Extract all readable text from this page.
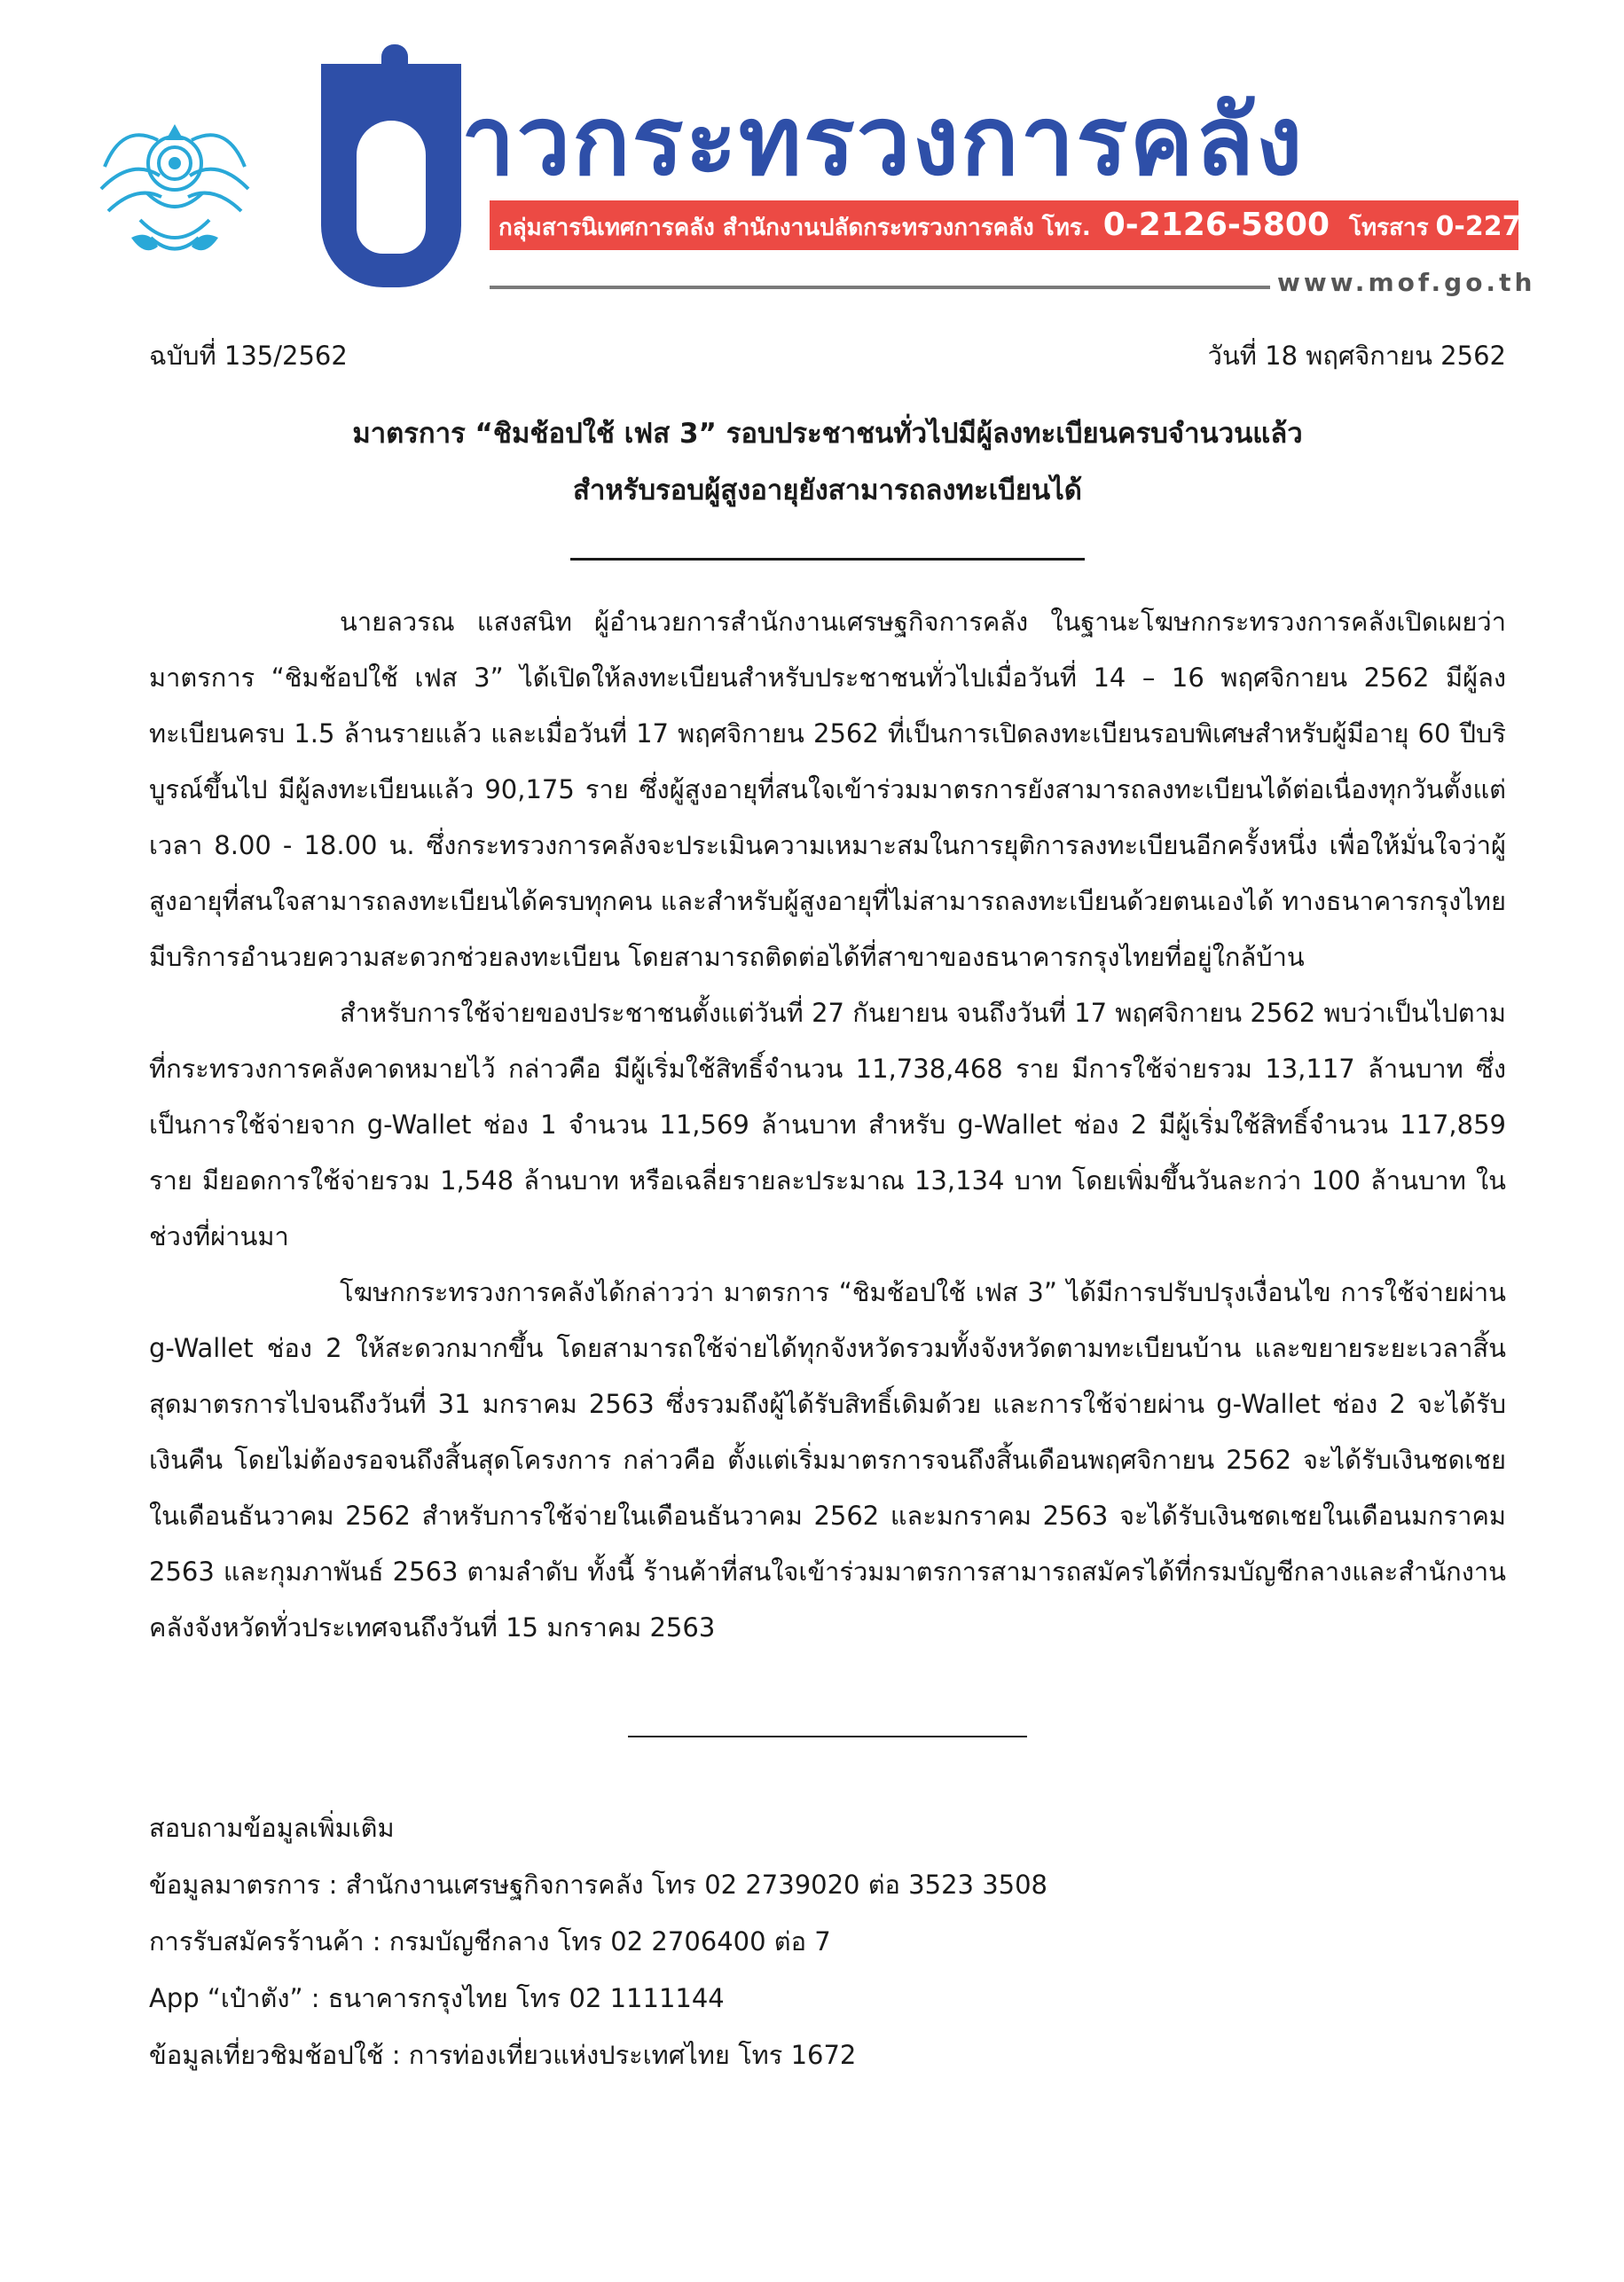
าวกระทรวงการคลัง
กลุ่มสารนิเทศการคลัง สำนักงานปลัดกระทรวงการคลัง โทร. 0-2126-5800 โทรสาร 0-2273-9763
www.mof.go.th
ฉบับที่ 135/2562	วันที่ 18 พฤศจิกายน 2562
มาตรการ “ชิมช้อปใช้ เฟส 3” รอบประชาชนทั่วไปมีผู้ลงทะเบียนครบจำนวนแล้ว
สำหรับรอบผู้สูงอายุยังสามารถลงทะเบียนได้

นายลวรณ แสงสนิท ผู้อำนวยการสำนักงานเศรษฐกิจการคลัง ในฐานะโฆษกกระทรวงการคลังเปิดเผยว่า มาตรการ “ชิมช้อปใช้ เฟส 3” ได้เปิดให้ลงทะเบียนสำหรับประชาชนทั่วไปเมื่อวันที่ 14 – 16 พฤศจิกายน 2562 มีผู้ลงทะเบียนครบ 1.5 ล้านรายแล้ว และเมื่อวันที่ 17 พฤศจิกายน 2562 ที่เป็นการเปิดลงทะเบียนรอบพิเศษสำหรับผู้มีอายุ 60 ปีบริบูรณ์ขึ้นไป มีผู้ลงทะเบียนแล้ว 90,175 ราย ซึ่งผู้สูงอายุที่สนใจเข้าร่วมมาตรการยังสามารถลงทะเบียนได้ต่อเนื่องทุกวันตั้งแต่เวลา 8.00 - 18.00 น. ซึ่งกระทรวงการคลังจะประเมินความเหมาะสมในการยุติการลงทะเบียนอีกครั้งหนึ่ง เพื่อให้มั่นใจว่าผู้สูงอายุที่สนใจสามารถลงทะเบียนได้ครบทุกคน และสำหรับผู้สูงอายุที่ไม่สามารถลงทะเบียนด้วยตนเองได้ ทางธนาคารกรุงไทยมีบริการอำนวยความสะดวกช่วยลงทะเบียน โดยสามารถติดต่อได้ที่สาขาของธนาคารกรุงไทยที่อยู่ใกล้บ้าน

สำหรับการใช้จ่ายของประชาชนตั้งแต่วันที่ 27 กันยายน จนถึงวันที่ 17 พฤศจิกายน 2562 พบว่าเป็นไปตามที่กระทรวงการคลังคาดหมายไว้ กล่าวคือ มีผู้เริ่มใช้สิทธิ์จำนวน 11,738,468 ราย มีการใช้จ่ายรวม 13,117 ล้านบาท ซึ่งเป็นการใช้จ่ายจาก g-Wallet ช่อง 1 จำนวน 11,569 ล้านบาท สำหรับ g-Wallet ช่อง 2 มีผู้เริ่มใช้สิทธิ์จำนวน 117,859 ราย มียอดการใช้จ่ายรวม 1,548 ล้านบาท หรือเฉลี่ยรายละประมาณ 13,134 บาท โดยเพิ่มขึ้นวันละกว่า 100 ล้านบาท ในช่วงที่ผ่านมา

โฆษกกระทรวงการคลังได้กล่าวว่า มาตรการ “ชิมช้อปใช้ เฟส 3” ได้มีการปรับปรุงเงื่อนไข การใช้จ่ายผ่าน g-Wallet ช่อง 2 ให้สะดวกมากขึ้น โดยสามารถใช้จ่ายได้ทุกจังหวัดรวมทั้งจังหวัดตามทะเบียนบ้าน และขยายระยะเวลาสิ้นสุดมาตรการไปจนถึงวันที่ 31 มกราคม 2563 ซึ่งรวมถึงผู้ได้รับสิทธิ์เดิมด้วย และการใช้จ่ายผ่าน g-Wallet ช่อง 2 จะได้รับเงินคืน โดยไม่ต้องรอจนถึงสิ้นสุดโครงการ กล่าวคือ ตั้งแต่เริ่มมาตรการจนถึงสิ้นเดือนพฤศจิกายน 2562 จะได้รับเงินชดเชยในเดือนธันวาคม 2562 สำหรับการใช้จ่ายในเดือนธันวาคม 2562 และมกราคม 2563 จะได้รับเงินชดเชยในเดือนมกราคม 2563 และกุมภาพันธ์ 2563 ตามลำดับ ทั้งนี้ ร้านค้าที่สนใจเข้าร่วมมาตรการสามารถสมัครได้ที่กรมบัญชีกลางและสำนักงานคลังจังหวัดทั่วประเทศจนถึงวันที่ 15 มกราคม 2563

สอบถามข้อมูลเพิ่มเติม

ข้อมูลมาตรการ : สำนักงานเศรษฐกิจการคลัง โทร 02 2739020 ต่อ 3523 3508

การรับสมัครร้านค้า : กรมบัญชีกลาง โทร 02 2706400 ต่อ 7

App “เป๋าตัง” : ธนาคารกรุงไทย โทร 02 1111144

ข้อมูลเที่ยวชิมช้อปใช้ : การท่องเที่ยวแห่งประเทศไทย โทร 1672
